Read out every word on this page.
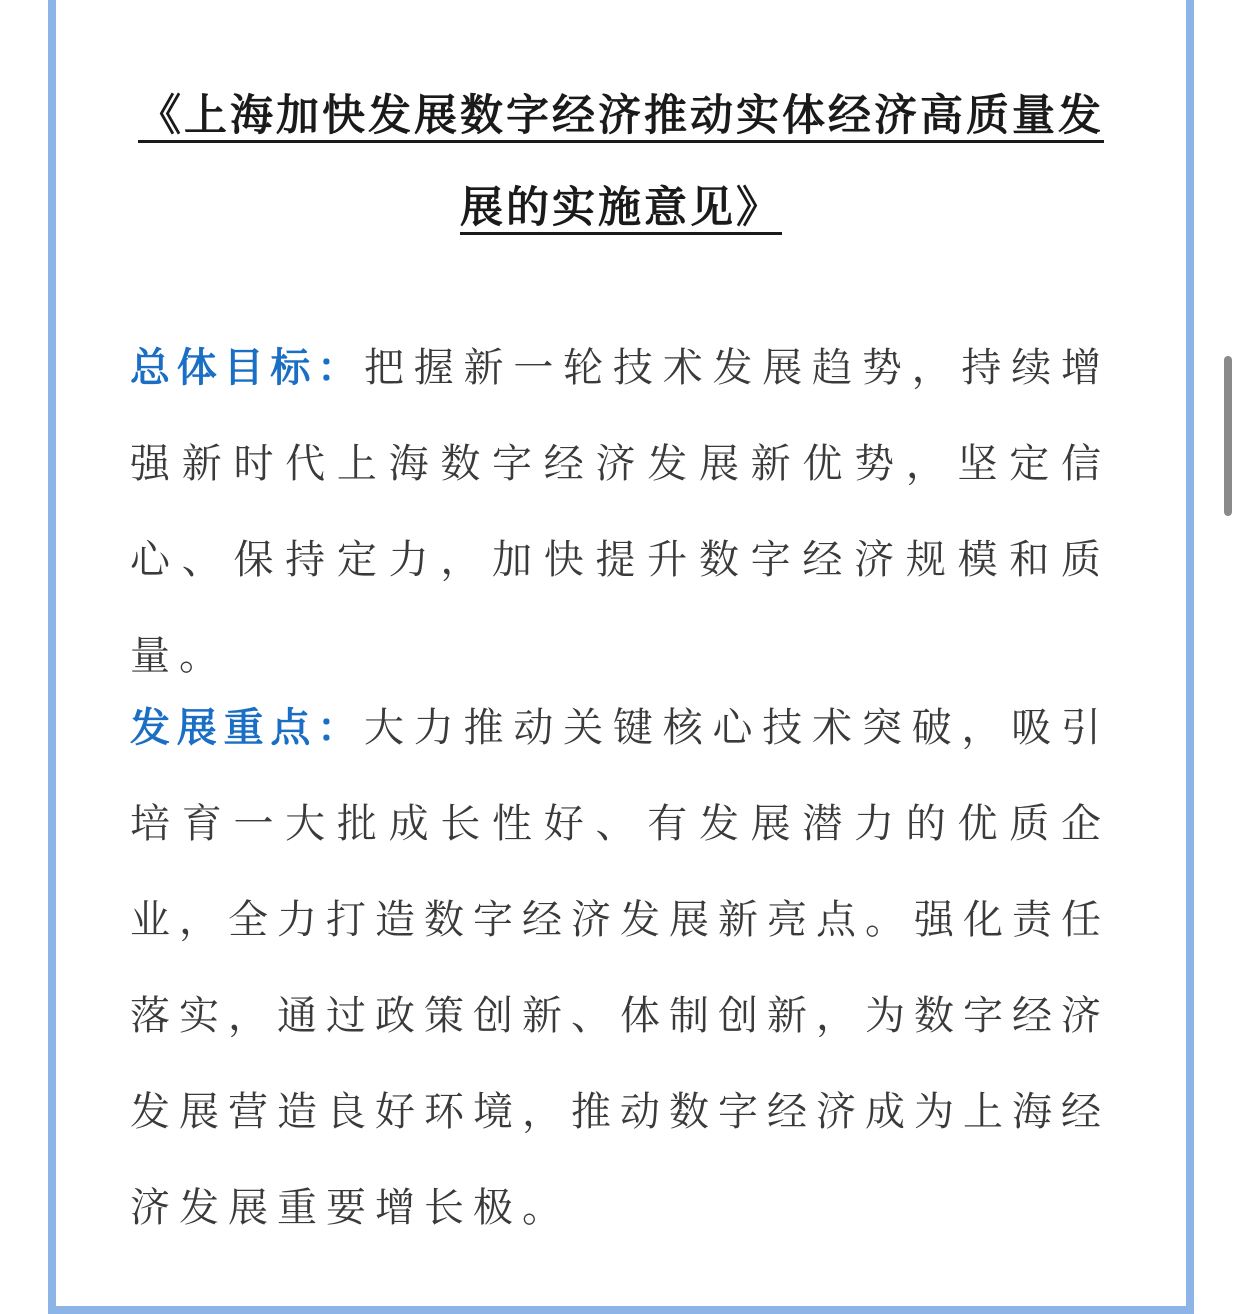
《上海加快发展数字经济推动实体经济高质量发展的实施意见》
总体目标：把握新一轮技术发展趋势，持续增强新时代上海数字经济发展新优势，坚定信心、保持定力，加快提升数字经济规模和质量。
发展重点：大力推动关键核心技术突破，吸引培育一大批成长性好、有发展潜力的优质企业，全力打造数字经济发展新亮点。强化责任落实，通过政策创新、体制创新，为数字经济发展营造良好环境，推动数字经济成为上海经济发展重要增长极。
